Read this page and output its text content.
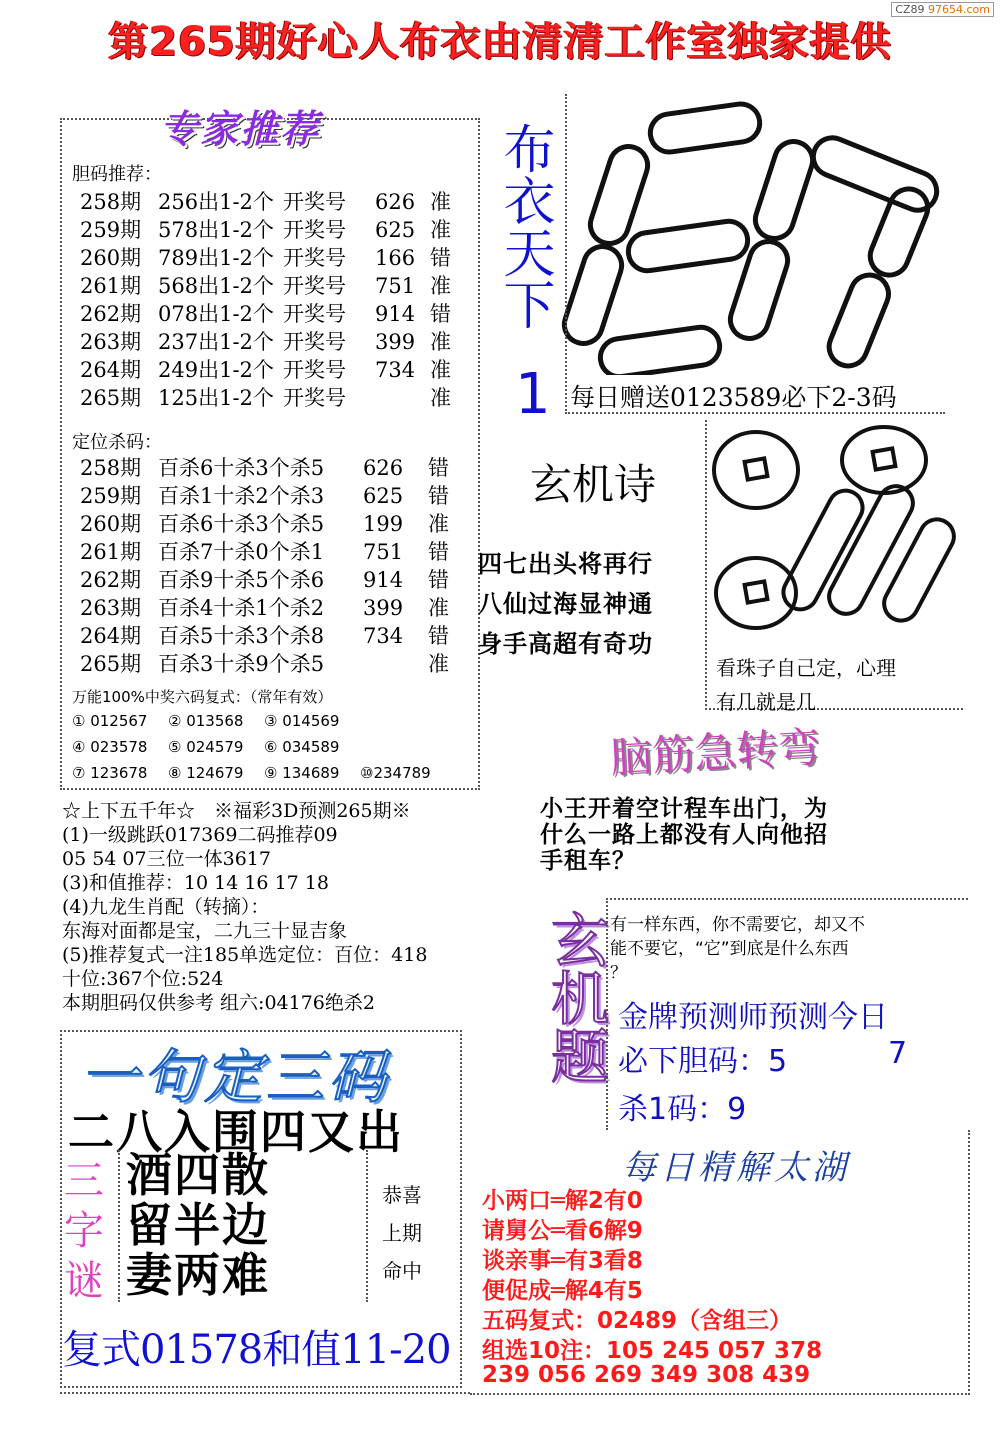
第265期好心人布衣由清清工作室独家提供
CZ89 97654.com
专家推荐
胆码推荐：
258期 256出1-2个 开奖号 626 准
259期 578出1-2个 开奖号 625 准
260期 789出1-2个 开奖号 166 错
261期 568出1-2个 开奖号 751 准
262期 078出1-2个 开奖号 914 错
263期 237出1-2个 开奖号 399 准
264期 249出1-2个 开奖号 734 准
265期 125出1-2个 开奖号	准
定位杀码：
258期 百杀6十杀3个杀5 626 错
259期 百杀1十杀2个杀3 625 错
260期 百杀6十杀3个杀5 199 准
261期 百杀7十杀0个杀1 751 错
262期 百杀9十杀5个杀6 914 错
263期 百杀4十杀1个杀2 399 准
264期 百杀5十杀3个杀8 734 错
265期 百杀3十杀9个杀5	准
万能100%中奖六码复式：（常年有效）
① 012567 ② 013568 ③ 014569
④ 023578 ⑤ 024579 ⑥ 034589
⑦ 123678 ⑧ 124679 ⑨ 134689 ⑩234789
☆上下五千年☆　※福彩3D预测265期※
(1)一级跳跃017369二码推荐09
05 54 07三位一体3617
(3)和值推荐：10 14 16 17 18
(4)九龙生肖配（转摘）：
东海对面都是宝，二九三十显吉象
(5)推荐复式一注185单选定位：百位：418
十位:367个位:524
本期胆码仅供参考 组六:04176绝杀2
布衣天下
1 每日赠送0123589必下2-3码
玄机诗
四七出头将再行
八仙过海显神通
身手高超有奇功
看珠子自己定，心理
有几就是几
脑筋急转弯
小王开着空计程车出门，为
什么一路上都没有人向他招
手租车？
玄机题 有一样东西，你不需要它，却又不
能不要它，“它”到底是什么东西
？
金牌预测师预测今日
必下胆码：5	7
杀1码：9
一句定三码
二八入围四又出
三
字
谜
酒四散
留半边
妻两难
恭喜
上期
命中
复式01578和值11-20
每日精解太湖
小两口═解2有0
请舅公═看6解9
谈亲事═有3看8
便促成═解4有5
五码复式：02489（含组三）
组选10注：105 245 057 378
239 056 269 349 308 439
